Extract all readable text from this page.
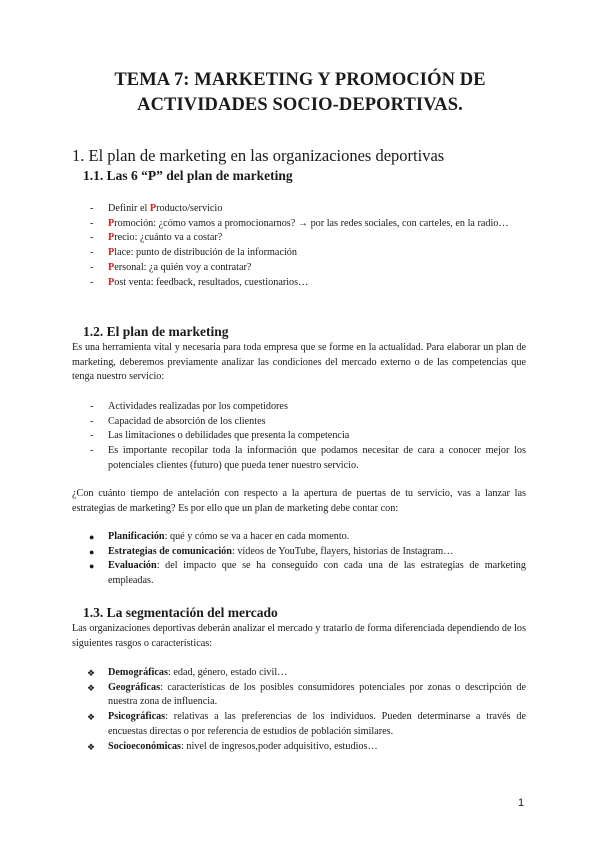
TEMA 7: MARKETING Y PROMOCIÓN DE
ACTIVIDADES SOCIO-DEPORTIVAS.
1. El plan de marketing en las organizaciones deportivas
1.1. Las 6 “P” del plan de marketing
- Definir el Producto/servicio
- Promoción: ¿cómo vamos a promocionarnos? → por las redes sociales, con carteles, en la radio…
- Precio: ¿cuánto va a costar?
- Place: punto de distribución de la información
- Personal: ¿a quién voy a contratar?
- Post venta: feedback, resultados, cuestionarios…
1.2. El plan de marketing
Es una herramienta vital y necesaria para toda empresa que se forme en la actualidad. Para elaborar un plan de marketing, deberemos previamente analizar las condiciones del mercado externo o de las competencias que tenga nuestro servicio:
- Actividades realizadas por los competidores
- Capacidad de absorción de los clientes
- Las limitaciones o debilidades que presenta la competencia
- Es importante recopilar toda la información que podamos necesitar de cara a conocer mejor los potenciales clientes (futuro) que pueda tener nuestro servicio.
¿Con cuánto tiempo de antelación con respecto a la apertura de puertas de tu servicio, vas a lanzar las estrategias de marketing? Es por ello que un plan de marketing debe contar con:
● Planificación: qué y cómo se va a hacer en cada momento.
● Estrategias de comunicación: vídeos de YouTube, flayers, historias de Instagram…
● Evaluación: del impacto que se ha conseguido con cada una de las estrategias de marketing empleadas.
1.3. La segmentación del mercado
Las organizaciones deportivas deberán analizar el mercado y tratarlo de forma diferenciada dependiendo de los siguientes rasgos o características:
❖ Demográficas: edad, género, estado civil…
❖ Geográficas: características de los posibles consumidores potenciales por zonas o descripción de nuestra zona de influencia.
❖ Psicográficas: relativas a las preferencias de los individuos. Pueden determinarse a través de encuestas directas o por referencia de estudios de población similares.
❖ Socioeconómicas: nivel de ingresos,poder adquisitivo, estudios…
1
